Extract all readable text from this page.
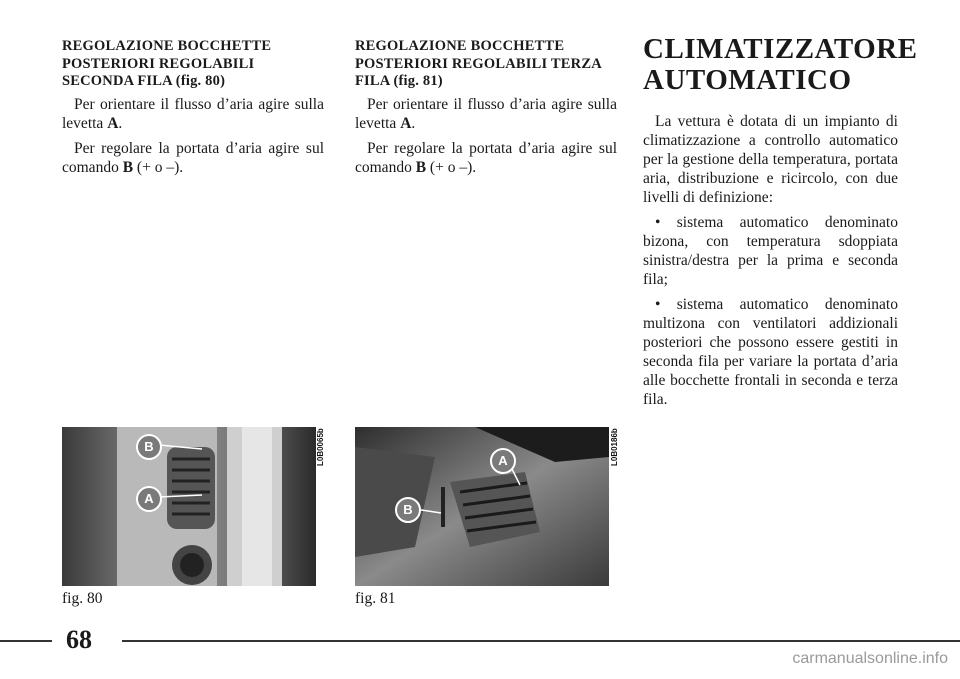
REGOLAZIONE BOCCHETTE POSTERIORI REGOLABILI SECONDA FILA (fig. 80)

Per orientare il flusso d’aria agire sulla levetta A.

Per regolare la portata d’aria agire sul comando B (+ o –).

REGOLAZIONE BOCCHETTE POSTERIORI REGOLABILI TERZA FILA (fig. 81)

Per orientare il flusso d’aria agire sulla levetta A.

Per regolare la portata d’aria agire sul comando B (+ o –).

CLIMATIZZATORE AUTOMATICO

La vettura è dotata di un impianto di climatizzazione a controllo automatico per la gestione della temperatura, portata aria, distribuzione e ricircolo, con due livelli di definizione:

• sistema automatico denominato bizona, con temperatura sdoppiata sinistra/destra per la prima e seconda fila;

• sistema automatico denominato multizona con ventilatori addizionali posteriori che possono essere gestiti in seconda fila per variare la portata d’aria alle bocchette frontali in seconda e terza fila.

B
A
L0B0065b
fig. 80
A
B
L0B0186b
fig. 81
68
carmanualsonline.info
